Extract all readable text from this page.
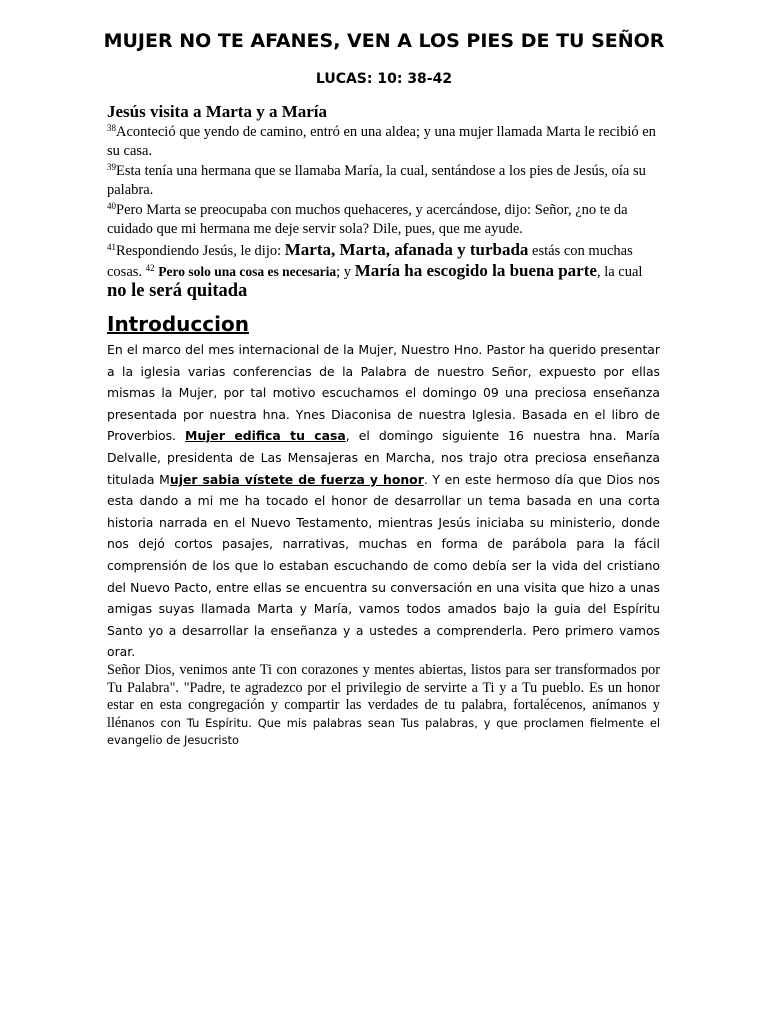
MUJER NO TE AFANES, VEN A LOS PIES DE TU SEÑOR
LUCAS: 10: 38-42
Jesús visita a Marta y a María

$^{38}$Aconteció que yendo de camino, entró en una aldea; y una mujer llamada Marta le recibió en su casa.

$^{39}$Esta tenía una hermana que se llamaba María, la cual, sentándose a los pies de Jesús, oía su palabra.

$^{40}$Pero Marta se preocupaba con muchos quehaceres, y acercándose, dijo: Señor, ¿no te da cuidado que mi hermana me deje servir sola? Dile, pues, que me ayude.

$^{41}$Respondiendo Jesús, le dijo: Marta, Marta, afanada y turbada estás con muchas cosas. $^{42}$ Pero solo una cosa es necesaria; y María ha escogido la buena parte, la cual no le será quitada

Introduccion

En el marco del mes internacional de la Mujer, Nuestro Hno. Pastor ha querido presentar a la iglesia varias conferencias de la Palabra de nuestro Señor, expuesto por ellas mismas la Mujer, por tal motivo escuchamos el domingo 09 una preciosa enseñanza presentada por nuestra hna. Ynes Diaconisa de nuestra Iglesia. Basada en el libro de Proverbios. Mujer edifica tu casa, el domingo siguiente 16 nuestra hna. María Delvalle, presidenta de Las Mensajeras en Marcha, nos trajo otra preciosa enseñanza titulada Mujer sabia vístete de fuerza y honor. Y en este hermoso día que Dios nos esta dando a mi me ha tocado el honor de desarrollar un tema basada en una corta historia narrada en el Nuevo Testamento, mientras Jesús iniciaba su ministerio, donde nos dejó cortos pasajes, narrativas, muchas en forma de parábola para la fácil comprensión de los que lo estaban escuchando de como debía ser la vida del cristiano del Nuevo Pacto, entre ellas se encuentra su conversación en una visita que hizo a unas amigas suyas llamada Marta y María, vamos todos amados bajo la guia del Espíritu Santo yo a desarrollar la enseñanza y a ustedes a comprenderla. Pero primero vamos orar.

Señor Dios, venimos ante Ti con corazones y mentes abiertas, listos para ser transformados por Tu Palabra". "Padre, te agradezco por el privilegio de servirte a Ti y a Tu pueblo. Es un honor estar en esta congregación y compartir las verdades de tu palabra, fortalécenos, anímanos y llénanos con Tu Espíritu. Que mis palabras sean Tus palabras, y que proclamen fielmente el evangelio de Jesucristo
